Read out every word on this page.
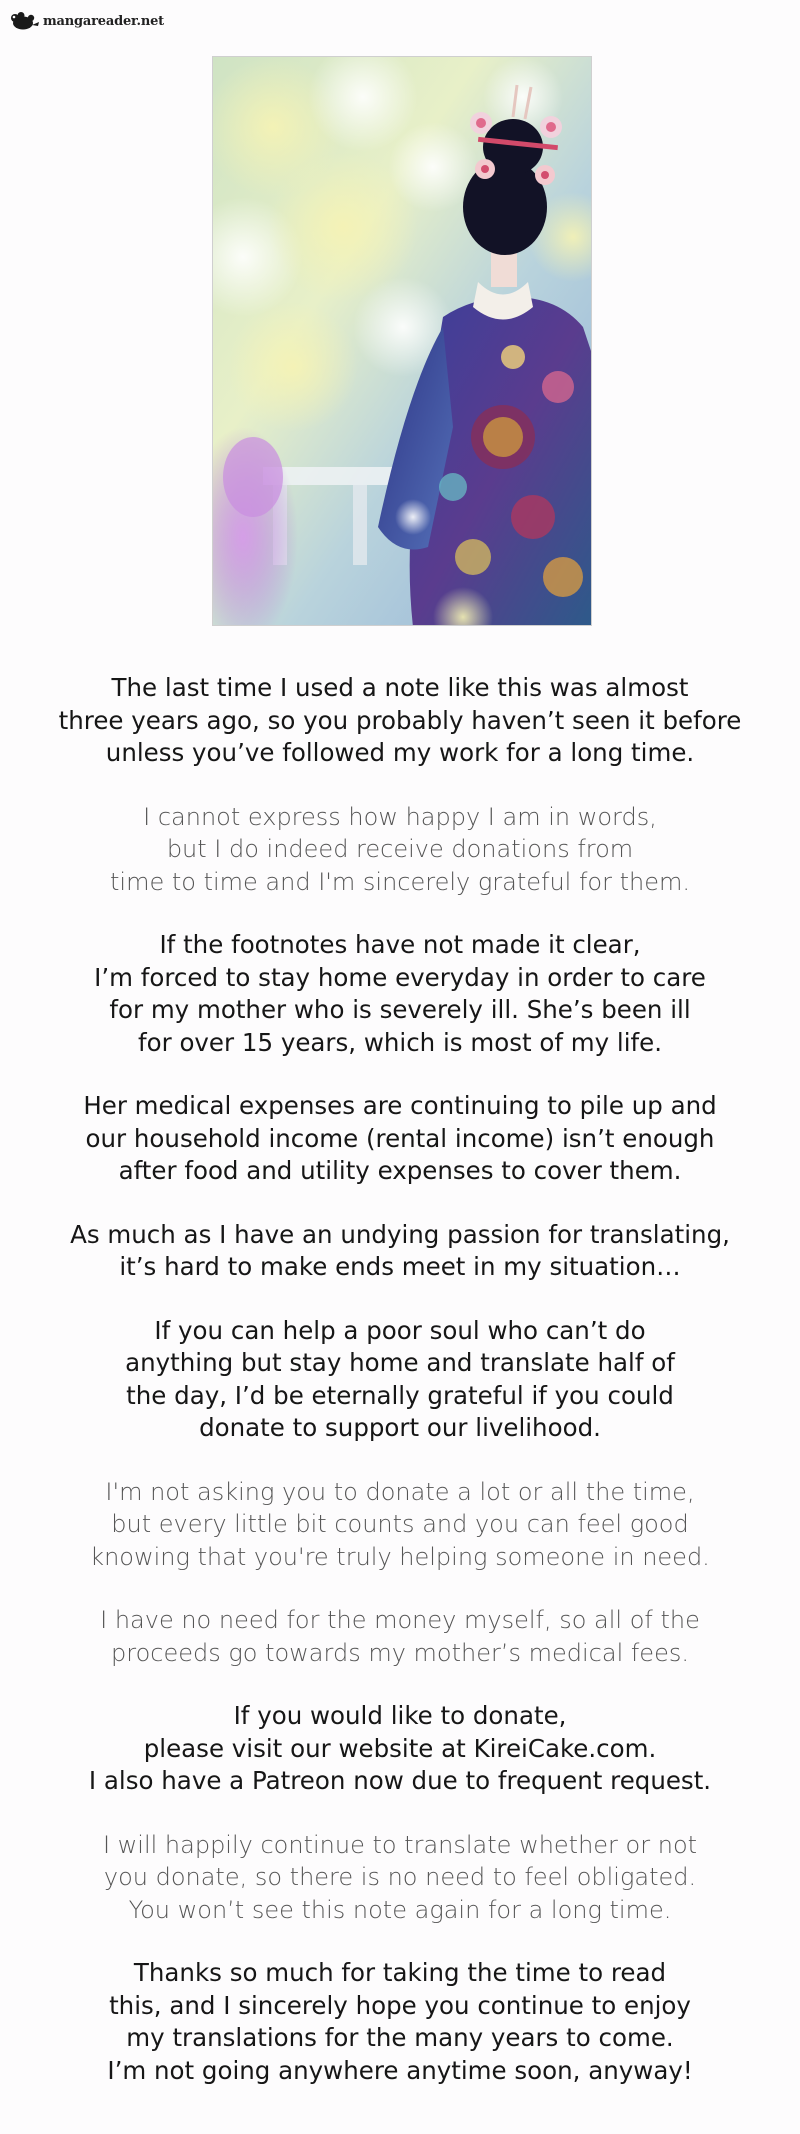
mangareader.net

The last time I used a note like this was almost
three years ago, so you probably haven’t seen it before
unless you’ve followed my work for a long time.

I cannot express how happy I am in words,
but I do indeed receive donations from
time to time and I'm sincerely grateful for them.

If the footnotes have not made it clear,
I’m forced to stay home everyday in order to care
for my mother who is severely ill. She’s been ill
for over 15 years, which is most of my life.

Her medical expenses are continuing to pile up and
our household income (rental income) isn’t enough
after food and utility expenses to cover them.

As much as I have an undying passion for translating,
it’s hard to make ends meet in my situation…

If you can help a poor soul who can’t do
anything but stay home and translate half of
the day, I’d be eternally grateful if you could
donate to support our livelihood.

I'm not asking you to donate a lot or all the time,
but every little bit counts and you can feel good
knowing that you're truly helping someone in need.

I have no need for the money myself, so all of the
proceeds go towards my mother’s medical fees.

If you would like to donate,
please visit our website at KireiCake.com.
I also have a Patreon now due to frequent request.

I will happily continue to translate whether or not
you donate, so there is no need to feel obligated.
You won’t see this note again for a long time.

Thanks so much for taking the time to read
this, and I sincerely hope you continue to enjoy
my translations for the many years to come.
I’m not going anywhere anytime soon, anyway!
